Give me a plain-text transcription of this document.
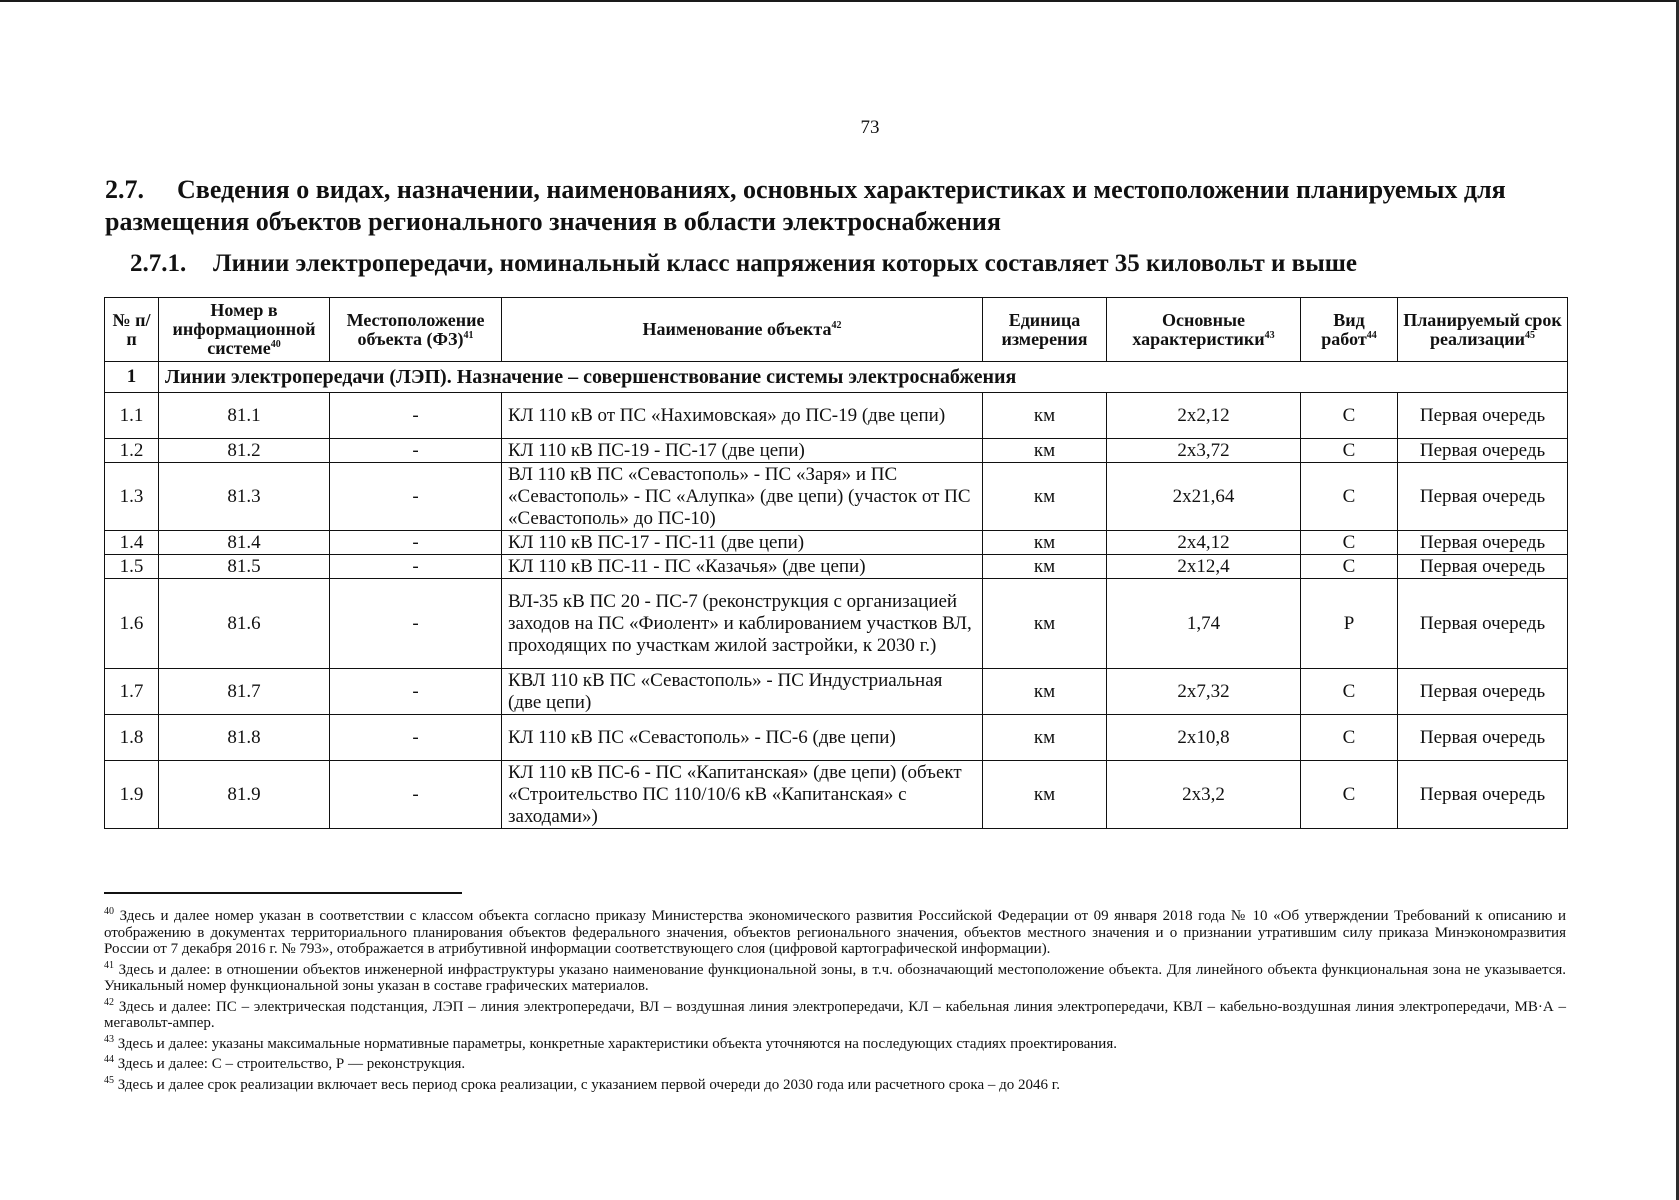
73
2.7. Сведения о видах, назначении, наименованиях, основных характеристиках и местоположении планируемых для размещения объектов регионального значения в области электроснабжения
2.7.1. Линии электропередачи, номинальный класс напряжения которых составляет 35 киловольт и выше
№ п/п	Номер в информационной системе$^{40}$	Местоположение объекта (ФЗ)$^{41}$	Наименование объекта$^{42}$	Единица измерения	Основные характеристики$^{43}$	Вид работ$^{44}$	Планируемый срок реализации$^{45}$
1	Линии электропередачи (ЛЭП). Назначение – совершенствование системы электроснабжения						
1.1	81.1	-	КЛ 110 кВ от ПС «Нахимовская» до ПС-19 (две цепи)	км	2х2,12	С	Первая очередь
1.2	81.2	-	КЛ 110 кВ ПС-19 - ПС-17 (две цепи)	км	2х3,72	С	Первая очередь
1.3	81.3	-	ВЛ 110 кВ ПС «Севастополь» - ПС «Заря» и ПС «Севастополь» - ПС «Алупка» (две цепи) (участок от ПС «Севастополь» до ПС-10)	км	2х21,64	С	Первая очередь
1.4	81.4	-	КЛ 110 кВ ПС-17 - ПС-11 (две цепи)	км	2х4,12	С	Первая очередь
1.5	81.5	-	КЛ 110 кВ ПС-11 - ПС «Казачья» (две цепи)	км	2х12,4	С	Первая очередь
1.6	81.6	-	ВЛ-35 кВ ПС 20 - ПС-7 (реконструкция с организацией заходов на ПС «Фиолент» и каблированием участков ВЛ, проходящих по участкам жилой застройки, к 2030 г.)	км	1,74	Р	Первая очередь
1.7	81.7	-	КВЛ 110 кВ ПС «Севастополь» - ПС Индустриальная (две цепи)	км	2х7,32	С	Первая очередь
1.8	81.8	-	КЛ 110 кВ ПС «Севастополь» - ПС-6 (две цепи)	км	2х10,8	С	Первая очередь
1.9	81.9	-	КЛ 110 кВ ПС-6 - ПС «Капитанская» (две цепи) (объект «Строительство ПС 110/10/6 кВ «Капитанская» с заходами»)	км	2х3,2	С	Первая очередь

$^{40}$ Здесь и далее номер указан в соответствии с классом объекта согласно приказу Министерства экономического развития Российской Федерации от 09 января 2018 года № 10 «Об утверждении Требований к описанию и отображению в документах территориального планирования объектов федерального значения, объектов регионального значения, объектов местного значения и о признании утратившим силу приказа Минэкономразвития России от 7 декабря 2016 г. № 793», отображается в атрибутивной информации соответствующего слоя (цифровой картографической информации).

$^{41}$ Здесь и далее: в отношении объектов инженерной инфраструктуры указано наименование функциональной зоны, в т.ч. обозначающий местоположение объекта. Для линейного объекта функциональная зона не указывается. Уникальный номер функциональной зоны указан в составе графических материалов.

$^{42}$ Здесь и далее: ПС – электрическая подстанция, ЛЭП – линия электропередачи, ВЛ – воздушная линия электропередачи, КЛ – кабельная линия электропередачи, КВЛ – кабельно-воздушная линия электропередачи, МВ·А – мегавольт-ампер.

$^{43}$ Здесь и далее: указаны максимальные нормативные параметры, конкретные характеристики объекта уточняются на последующих стадиях проектирования.

$^{44}$ Здесь и далее: С – строительство, Р — реконструкция.

$^{45}$ Здесь и далее срок реализации включает весь период срока реализации, с указанием первой очереди до 2030 года или расчетного срока – до 2046 г.
